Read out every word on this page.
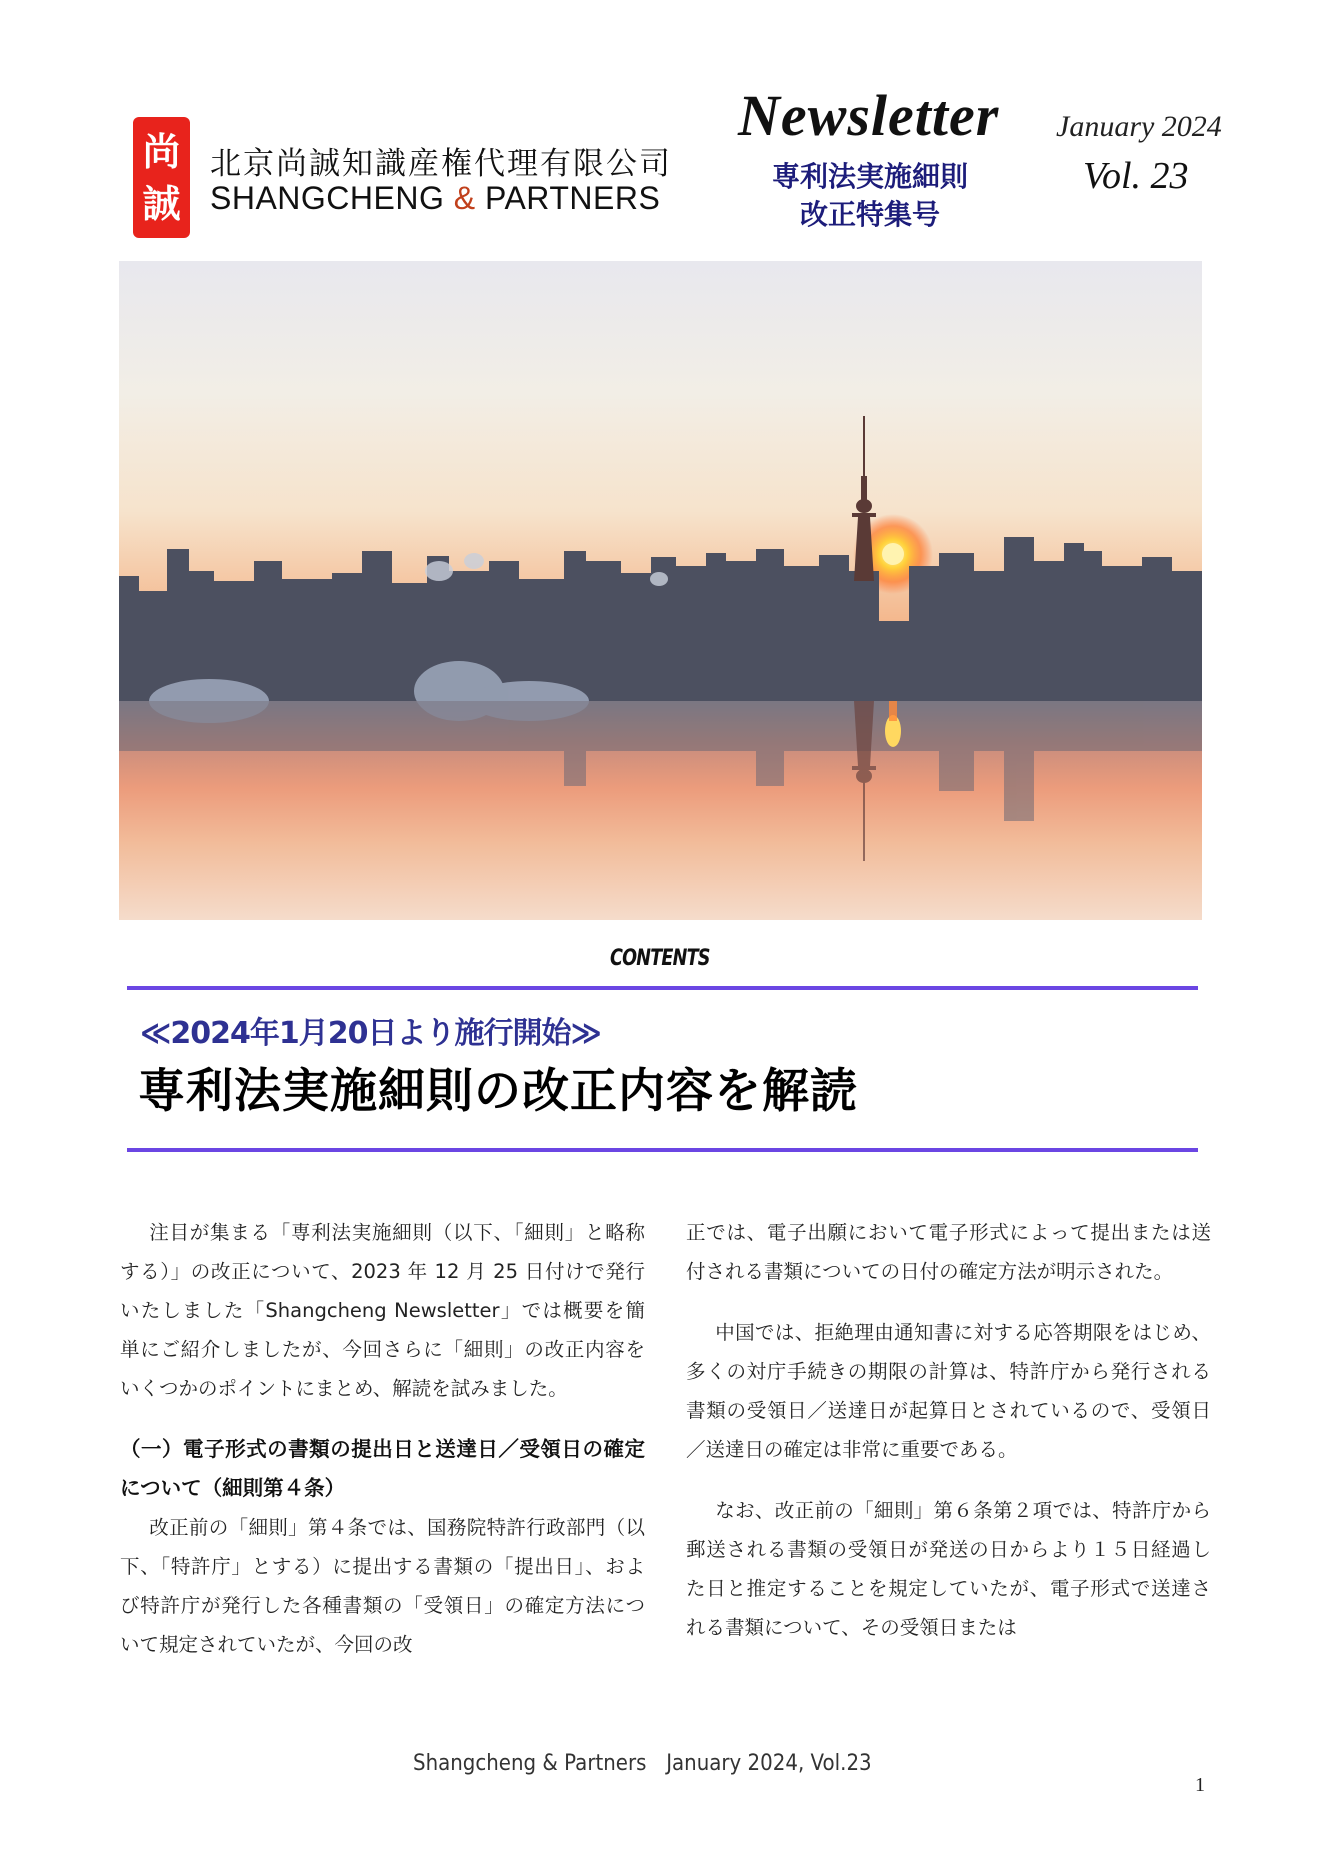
尚
誠
北京尚誠知識産権代理有限公司
SHANGCHENG & PARTNERS
Newsletter
専利法実施細則
改正特集号
January 2024
Vol. 23
CONTENTS
≪2024年1月20日より施行開始≫
専利法実施細則の改正内容を解読

注目が集まる「専利法実施細則（以下、「細則」と略称する）」の改正について、2023 年 12 月 25 日付けで発行いたしました「Shangcheng Newsletter」では概要を簡単にご紹介しましたが、今回さらに「細則」の改正内容をいくつかのポイントにまとめ、解読を試みました。

（一）電子形式の書類の提出日と送達日／受領日の確定について（細則第４条）

改正前の「細則」第４条では、国務院特許行政部門（以下、「特許庁」とする）に提出する書類の「提出日」、および特許庁が発行した各種書類の「受領日」の確定方法について規定されていたが、今回の改

正では、電子出願において電子形式によって提出または送付される書類についての日付の確定方法が明示された。

中国では、拒絶理由通知書に対する応答期限をはじめ、多くの対庁手続きの期限の計算は、特許庁から発行される書類の受領日／送達日が起算日とされているので、受領日／送達日の確定は非常に重要である。

なお、改正前の「細則」第６条第２項では、特許庁から郵送される書類の受領日が発送の日からより１５日経過した日と推定することを規定していたが、電子形式で送達される書類について、その受領日または

Shangcheng & Partners　January 2024, Vol.23
1
